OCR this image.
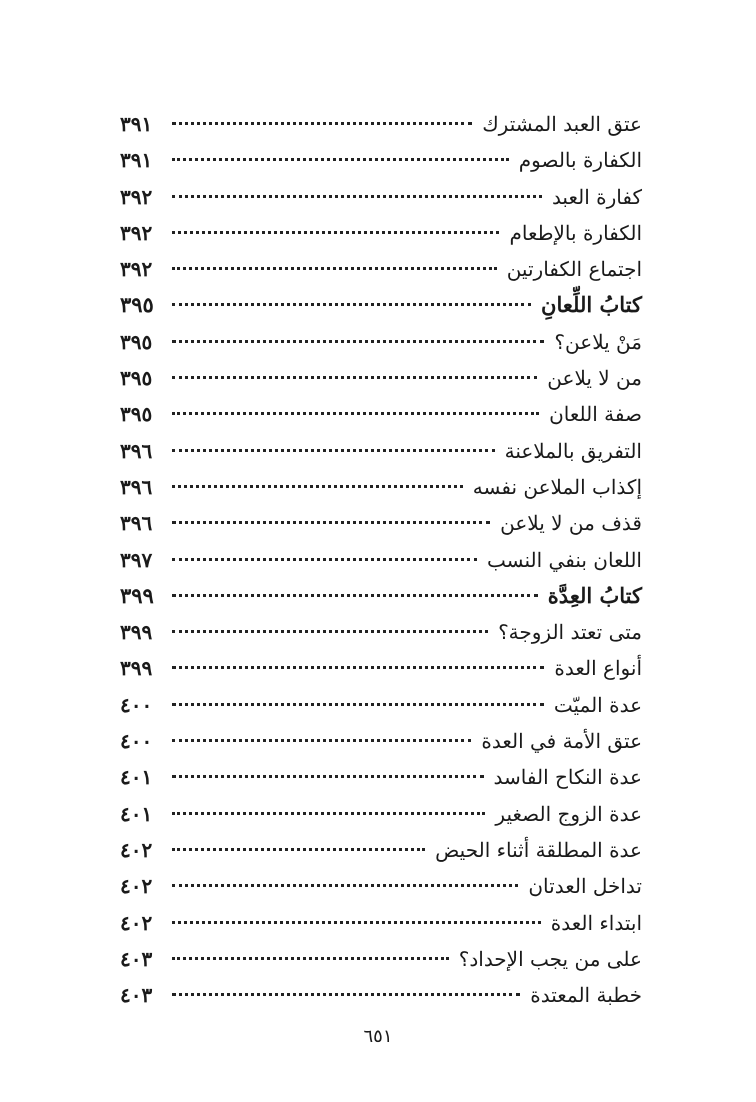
٣٩١	عتق العبد المشترك
٣٩١	الكفارة بالصوم
٣٩٢	كفارة العبد
٣٩٢	الكفارة بالإطعام
٣٩٢	اجتماع الكفارتين
٣٩٥	كتابُ اللِّعانِ
٣٩٥	مَنْ يلاعن؟
٣٩٥	من لا يلاعن
٣٩٥	صفة اللعان
٣٩٦	التفريق بالملاعنة
٣٩٦	إكذاب الملاعن نفسه
٣٩٦	قذف من لا يلاعن
٣٩٧	اللعان بنفي النسب
٣٩٩	كتابُ العِدَّة
٣٩٩	متى تعتد الزوجة؟
٣٩٩	أنواع العدة
٤٠٠	عدة الميّت
٤٠٠	عتق الأمة في العدة
٤٠١	عدة النكاح الفاسد
٤٠١	عدة الزوج الصغير
٤٠٢	عدة المطلقة أثناء الحيض
٤٠٢	تداخل العدتان
٤٠٢	ابتداء العدة
٤٠٣	على من يجب الإحداد؟
٤٠٣	خطبة المعتدة
٦٥١
